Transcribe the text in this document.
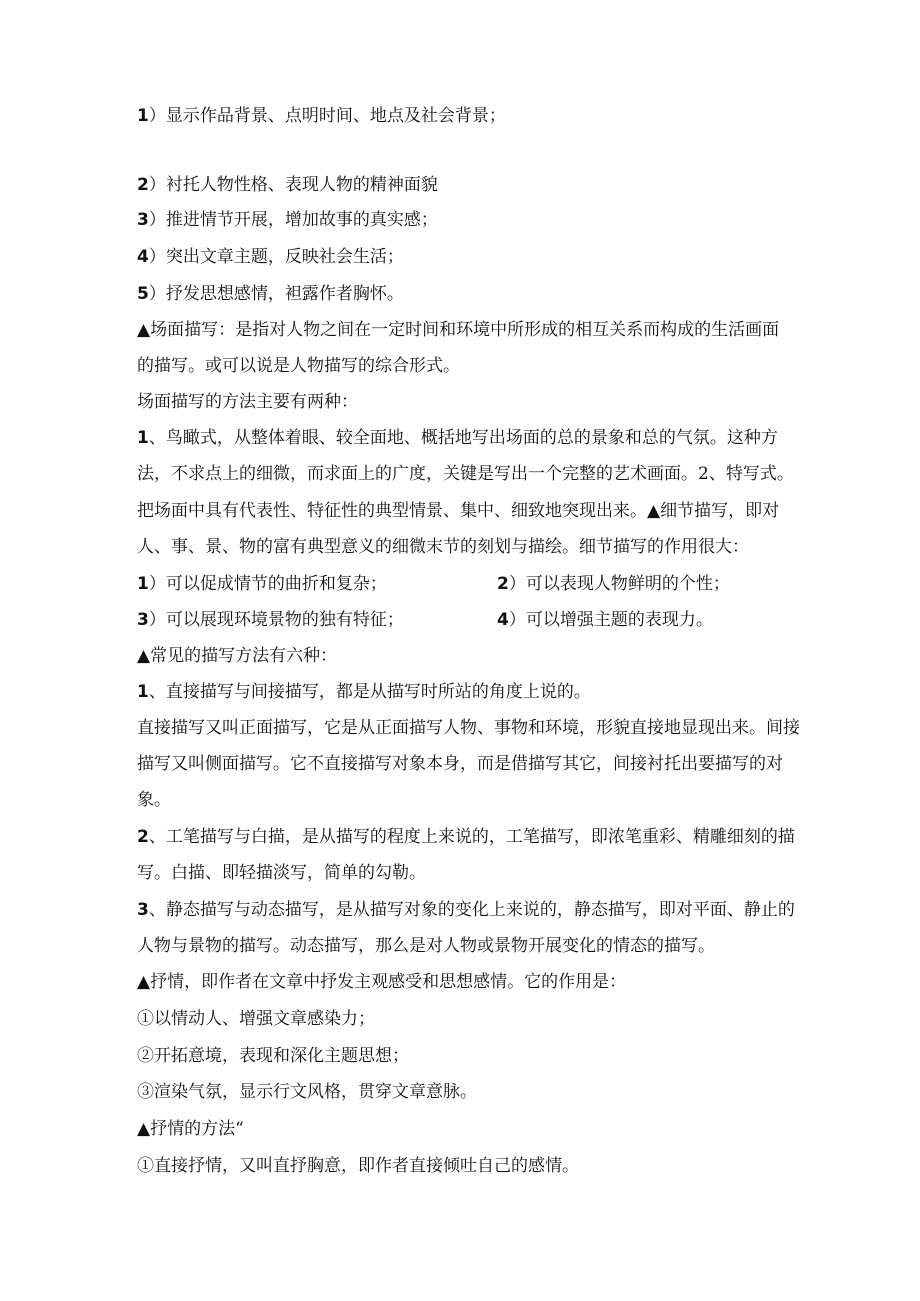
1）显示作品背景、点明时间、地点及社会背景；
2）衬托人物性格、表现人物的精神面貌
3）推进情节开展，增加故事的真实感；
4）突出文章主题，反映社会生活；
5）抒发思想感情，袒露作者胸怀。
▲场面描写：是指对人物之间在一定时间和环境中所形成的相互关系而构成的生活画面
的描写。或可以说是人物描写的综合形式。
场面描写的方法主要有两种：
1、鸟瞰式，从整体着眼、较全面地、概括地写出场面的总的景象和总的气氛。这种方
法，不求点上的细微，而求面上的广度，关键是写出一个完整的艺术画面。2、特写式。
把场面中具有代表性、特征性的典型情景、集中、细致地突现出来。▲细节描写，即对
人、事、景、物的富有典型意义的细微末节的刻划与描绘。细节描写的作用很大：
1）可以促成情节的曲折和复杂；	2）可以表现人物鲜明的个性；
3）可以展现环境景物的独有特征；	4）可以增强主题的表现力。
▲常见的描写方法有六种：
1、直接描写与间接描写，都是从描写时所站的角度上说的。
直接描写又叫正面描写，它是从正面描写人物、事物和环境，形貌直接地显现出来。间接
描写又叫侧面描写。它不直接描写对象本身，而是借描写其它，间接衬托出要描写的对
象。
2、工笔描写与白描，是从描写的程度上来说的，工笔描写，即浓笔重彩、精雕细刻的描
写。白描、即轻描淡写，简单的勾勒。
3、静态描写与动态描写，是从描写对象的变化上来说的，静态描写，即对平面、静止的
人物与景物的描写。动态描写，那么是对人物或景物开展变化的情态的描写。
▲抒情，即作者在文章中抒发主观感受和思想感情。它的作用是：
①以情动人、增强文章感染力；
②开拓意境，表现和深化主题思想；
③渲染气氛，显示行文风格，贯穿文章意脉。
▲抒情的方法“
①直接抒情，又叫直抒胸意，即作者直接倾吐自己的感情。
